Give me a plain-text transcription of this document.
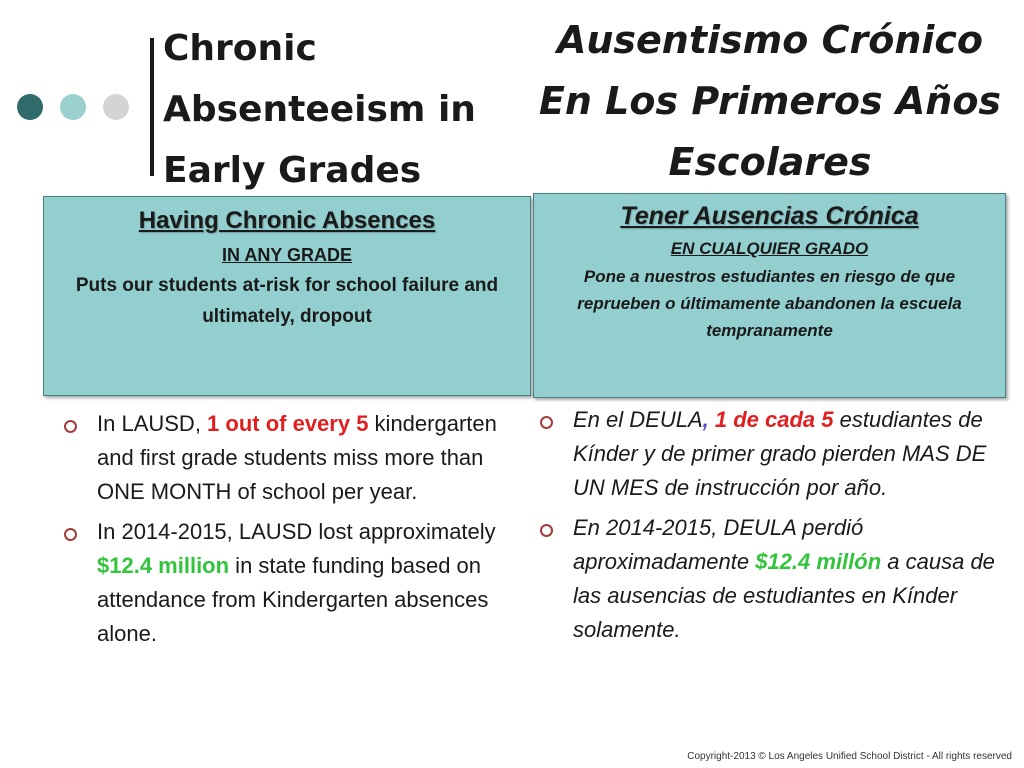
Chronic
Absenteeism in
Early Grades
Ausentismo Crónico
En Los Primeros Años
Escolares
Having Chronic Absences
IN ANY GRADE
Puts our students at-risk for school failure and ultimately, dropout
Tener Ausencias Crónica
EN CUALQUIER GRADO
Pone a nuestros estudiantes en riesgo de que reprueben o últimamente abandonen la escuela tempranamente
In LAUSD, 1 out of every 5 kindergarten and first grade students miss more than ONE MONTH of school per year.
In 2014-2015, LAUSD lost approximately $12.4 million in state funding based on attendance from Kindergarten absences alone.
En el DEULA, 1 de cada 5 estudiantes de Kínder y de primer grado pierden MAS DE UN MES de instrucción por año.
En 2014-2015, DEULA perdió aproximadamente $12.4 millón a causa de las ausencias de estudiantes en Kínder solamente.
Copyright-2013 © Los Angeles Unified School District - All rights reserved
